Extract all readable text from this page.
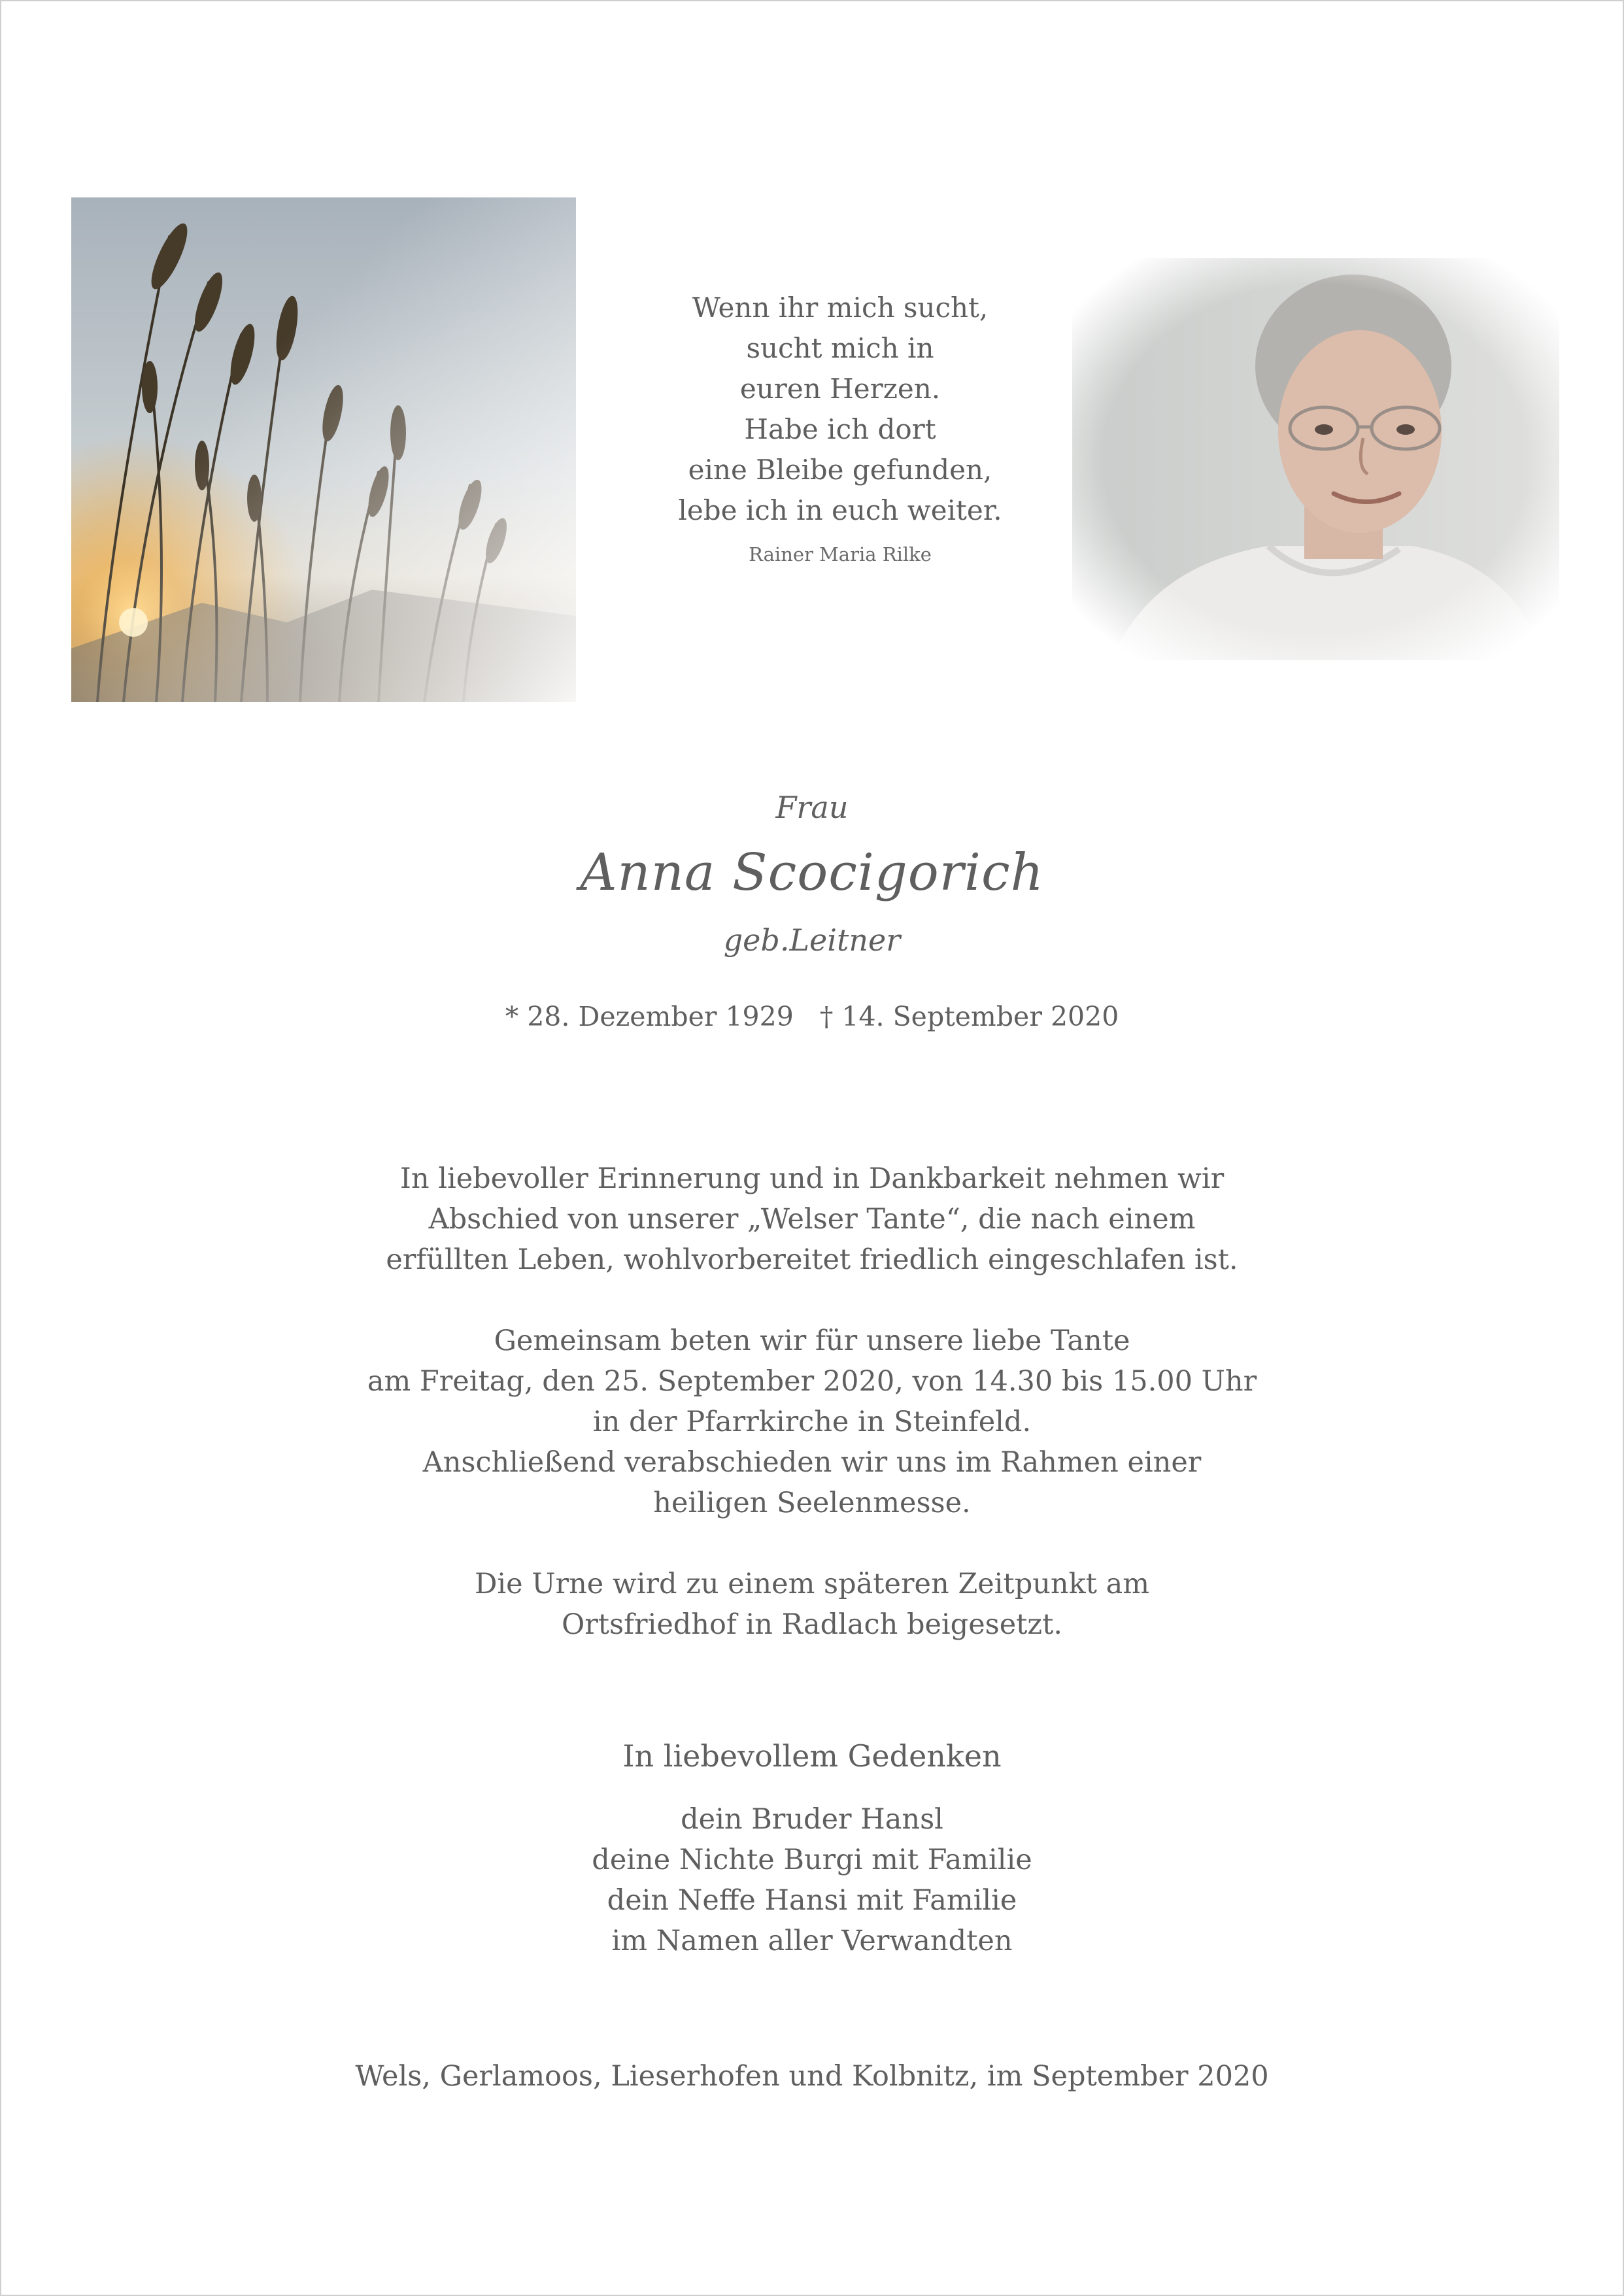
Wenn ihr mich sucht,
sucht mich in
euren Herzen.
Habe ich dort
eine Bleibe gefunden,
lebe ich in euch weiter.
Rainer Maria Rilke
Frau
Anna Scocigorich
geb.Leitner
* 28. Dezember 1929 † 14. September 2020
In liebevoller Erinnerung und in Dankbarkeit nehmen wir
Abschied von unserer „Welser Tante“, die nach einem
erfüllten Leben, wohlvorbereitet friedlich eingeschlafen ist.
Gemeinsam beten wir für unsere liebe Tante
am Freitag, den 25. September 2020, von 14.30 bis 15.00 Uhr
in der Pfarrkirche in Steinfeld.
Anschließend verabschieden wir uns im Rahmen einer
heiligen Seelenmesse.
Die Urne wird zu einem späteren Zeitpunkt am
Ortsfriedhof in Radlach beigesetzt.
In liebevollem Gedenken
dein Bruder Hansl
deine Nichte Burgi mit Familie
dein Neffe Hansi mit Familie
im Namen aller Verwandten
Wels, Gerlamoos, Lieserhofen und Kolbnitz, im September 2020
